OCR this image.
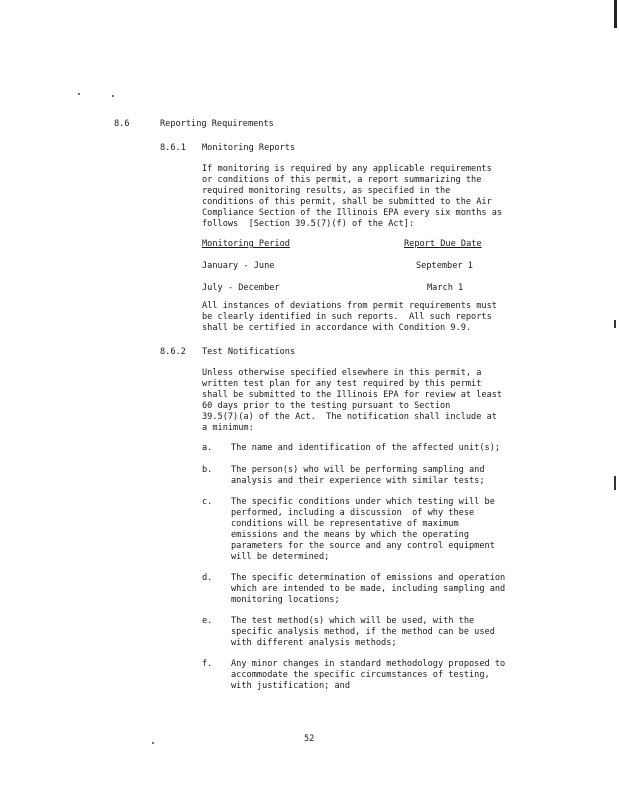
8.6	Reporting Requirements
8.6.1 Monitoring Reports
If monitoring is required by any applicable requirements
or conditions of this permit, a report summarizing the
required monitoring results, as specified in the
conditions of this permit, shall be submitted to the Air
Compliance Section of the Illinois EPA every six months as
follows  [Section 39.5(7)(f) of the Act]:
Monitoring Period	Report Due Date
January - June	September 1
July - December	March 1
All instances of deviations from permit requirements must
be clearly identified in such reports.  All such reports
shall be certified in accordance with Condition 9.9.
8.6.2 Test Notifications
Unless otherwise specified elsewhere in this permit, a
written test plan for any test required by this permit
shall be submitted to the Illinois EPA for review at least
60 days prior to the testing pursuant to Section
39.5(7)(a) of the Act.  The notification shall include at
a minimum:
a. The name and identification of the affected unit(s);
b. The person(s) who will be performing sampling and
analysis and their experience with similar tests;
c. The specific conditions under which testing will be
performed, including a discussion  of why these
conditions will be representative of maximum
emissions and the means by which the operating
parameters for the source and any control equipment
will be determined;
d. The specific determination of emissions and operation
which are intended to be made, including sampling and
monitoring locations;
e. The test method(s) which will be used, with the
specific analysis method, if the method can be used
with different analysis methods;
f. Any minor changes in standard methodology proposed to
accommodate the specific circumstances of testing,
with justification; and
52
